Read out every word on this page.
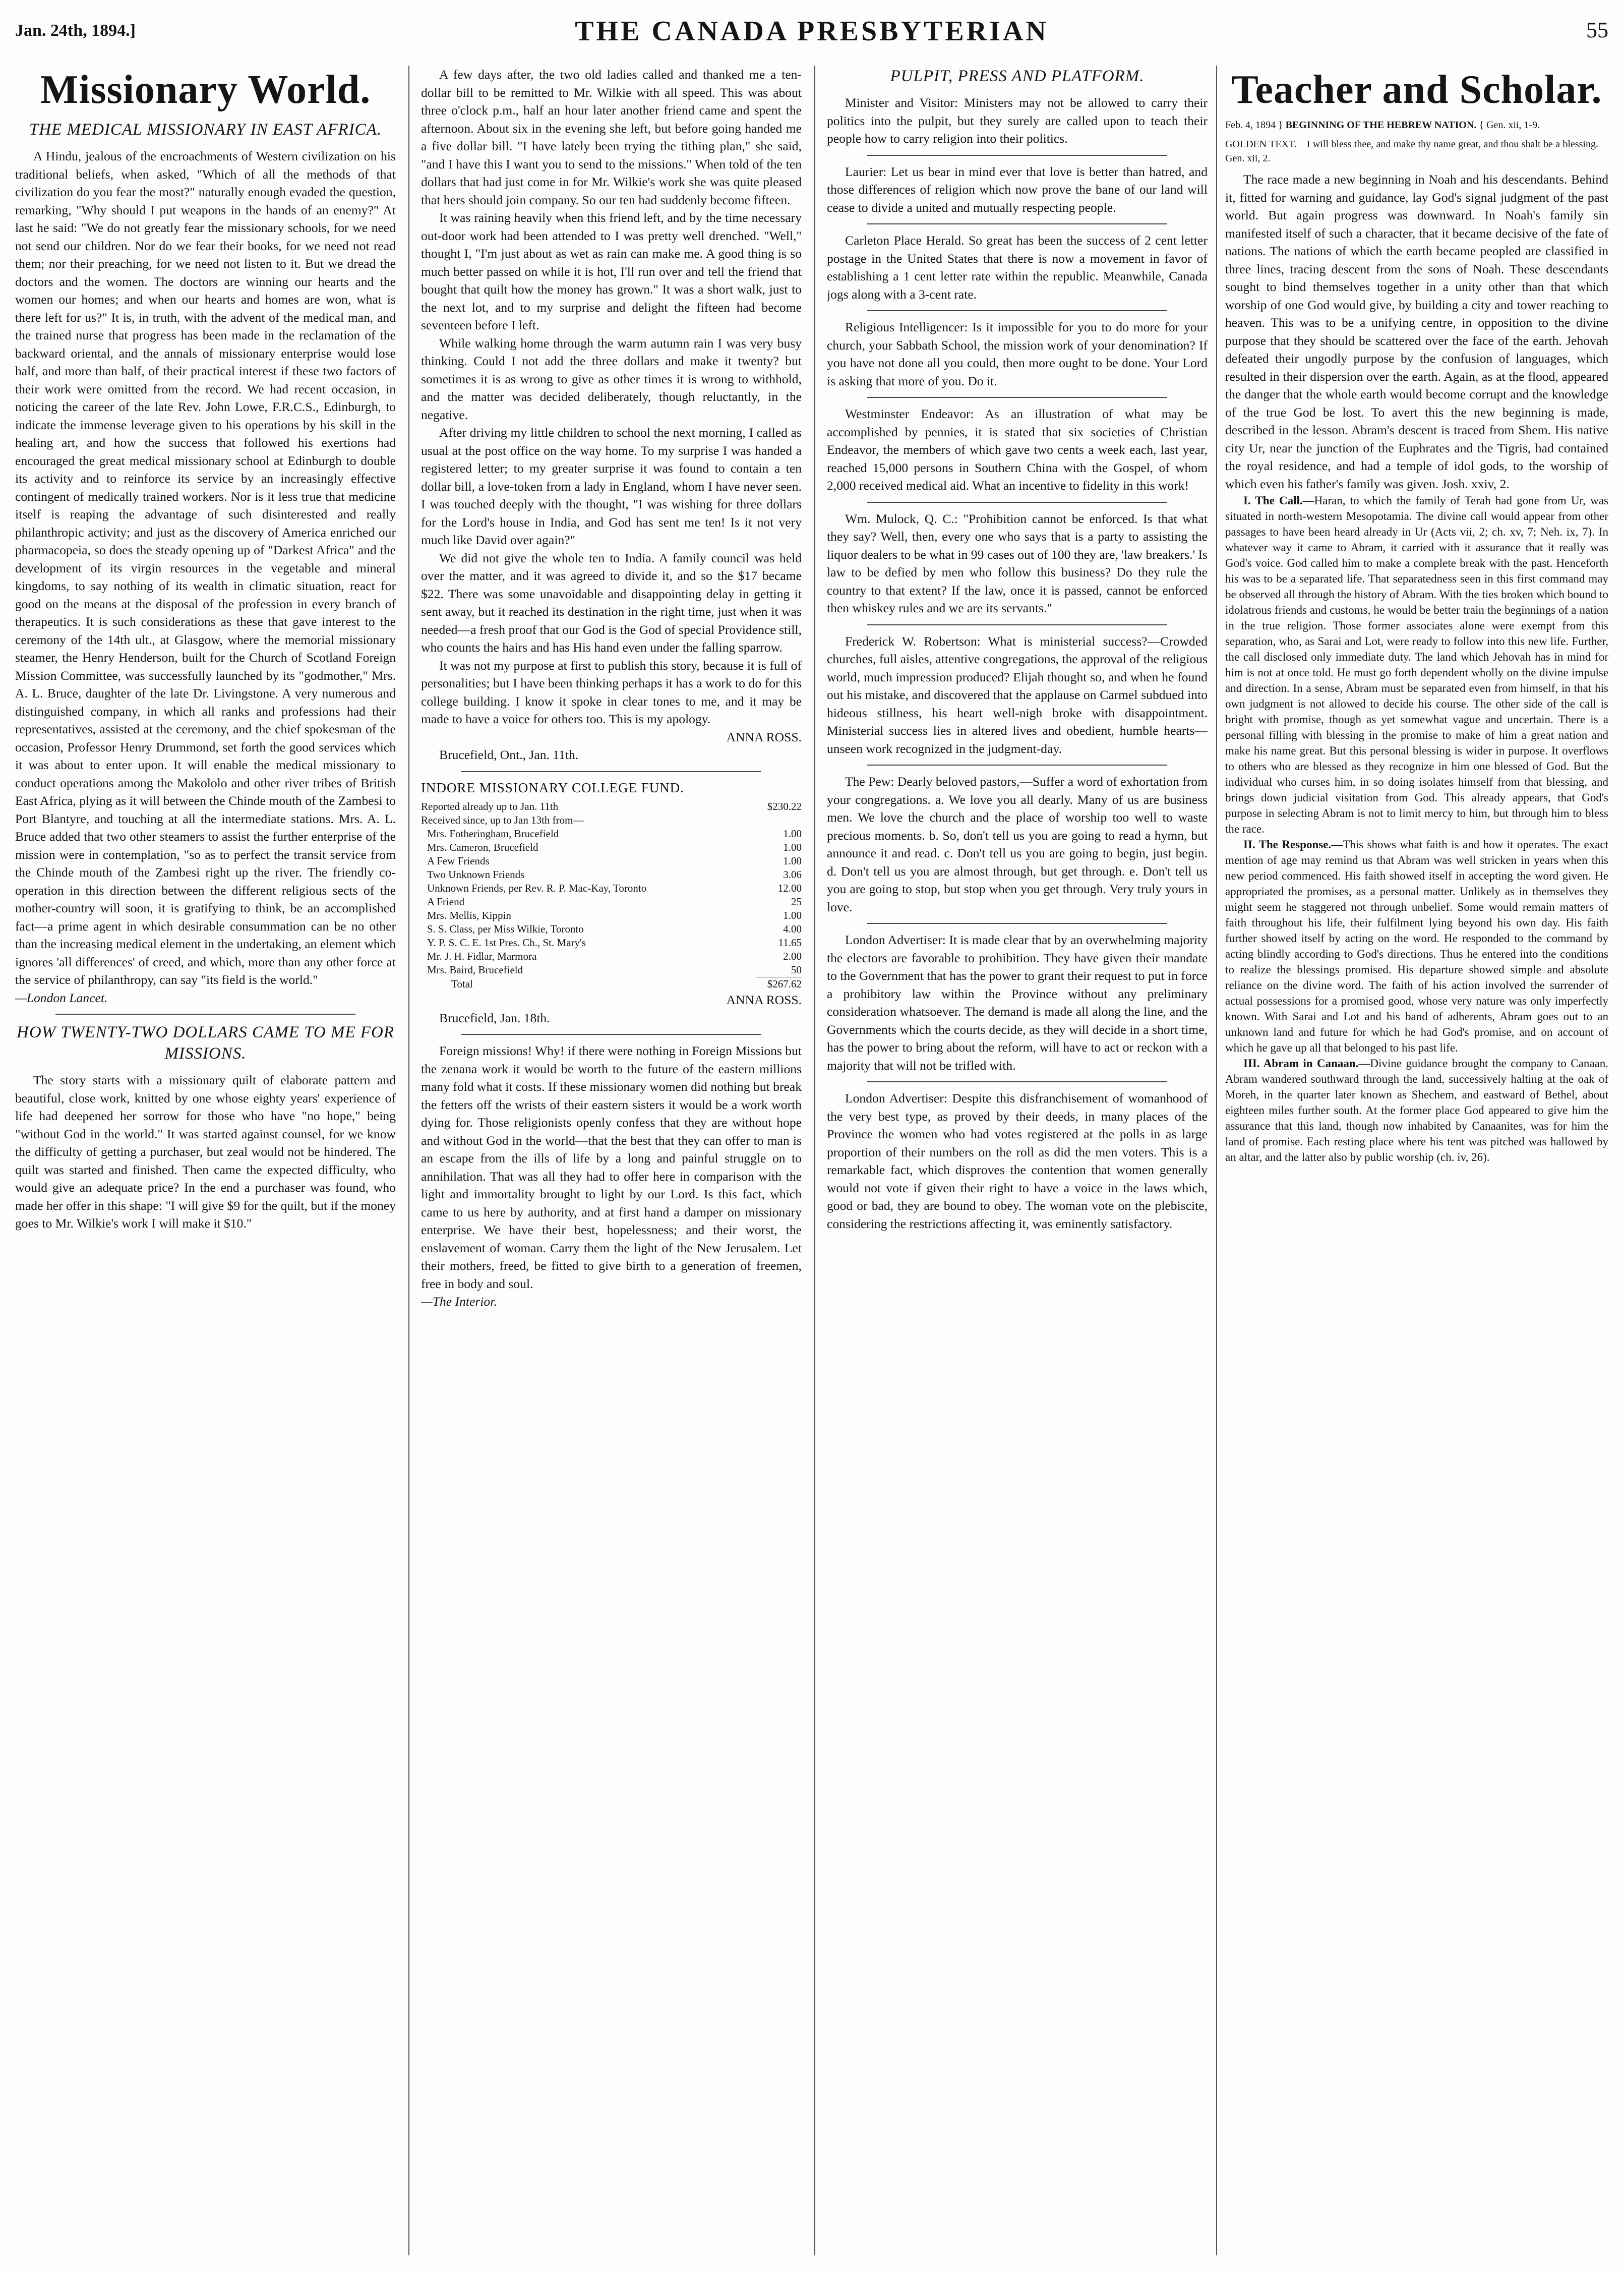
Jan. 24th, 1894.]	THE CANADA PRESBYTERIAN	55
Missionary World.
THE MEDICAL MISSIONARY IN EAST AFRICA.

A Hindu, jealous of the encroachments of Western civilization on his traditional beliefs, when asked, "Which of all the methods of that civilization do you fear the most?" naturally enough evaded the question, remarking, "Why should I put weapons in the hands of an enemy?" At last he said: "We do not greatly fear the missionary schools, for we need not send our children. Nor do we fear their books, for we need not read them; nor their preaching, for we need not listen to it. But we dread the doctors and the women. The doctors are winning our hearts and the women our homes; and when our hearts and homes are won, what is there left for us?" It is, in truth, with the advent of the medical man, and the trained nurse that progress has been made in the reclamation of the backward oriental, and the annals of missionary enterprise would lose half, and more than half, of their practical interest if these two factors of their work were omitted from the record. We had recent occasion, in noticing the career of the late Rev. John Lowe, F.R.C.S., Edinburgh, to indicate the immense leverage given to his operations by his skill in the healing art, and how the success that followed his exertions had encouraged the great medical missionary school at Edinburgh to double its activity and to reinforce its service by an increasingly effective contingent of medically trained workers. Nor is it less true that medicine itself is reaping the advantage of such disinterested and really philanthropic activity; and just as the discovery of America enriched our pharmacopeia, so does the steady opening up of "Darkest Africa" and the development of its virgin resources in the vegetable and mineral kingdoms, to say nothing of its wealth in climatic situation, react for good on the means at the disposal of the profession in every branch of therapeutics. It is such considerations as these that gave interest to the ceremony of the 14th ult., at Glasgow, where the memorial missionary steamer, the Henry Henderson, built for the Church of Scotland Foreign Mission Committee, was successfully launched by its "godmother," Mrs. A. L. Bruce, daughter of the late Dr. Livingstone. A very numerous and distinguished company, in which all ranks and professions had their representatives, assisted at the ceremony, and the chief spokesman of the occasion, Professor Henry Drummond, set forth the good services which it was about to enter upon. It will enable the medical missionary to conduct operations among the Makololo and other river tribes of British East Africa, plying as it will between the Chinde mouth of the Zambesi to Port Blantyre, and touching at all the intermediate stations. Mrs. A. L. Bruce added that two other steamers to assist the further enterprise of the mission were in contemplation, "so as to perfect the transit service from the Chinde mouth of the Zambesi right up the river. The friendly co-operation in this direction between the different religious sects of the mother-country will soon, it is gratifying to think, be an accomplished fact—a prime agent in which desirable consummation can be no other than the increasing medical element in the undertaking, an element which ignores 'all differences' of creed, and which, more than any other force at the service of philanthropy, can say "its field is the world."

—London Lancet.
HOW TWENTY-TWO DOLLARS CAME TO ME FOR MISSIONS.

The story starts with a missionary quilt of elaborate pattern and beautiful, close work, knitted by one whose eighty years' experience of life had deepened her sorrow for those who have "no hope," being "without God in the world." It was started against counsel, for we know the difficulty of getting a purchaser, but zeal would not be hindered. The quilt was started and finished. Then came the expected difficulty, who would give an adequate price? In the end a purchaser was found, who made her offer in this shape: "I will give $9 for the quilt, but if the money goes to Mr. Wilkie's work I will make it $10."

A few days after, the two old ladies called and thanked me a ten-dollar bill to be remitted to Mr. Wilkie with all speed. This was about three o'clock p.m., half an hour later another friend came and spent the afternoon. About six in the evening she left, but before going handed me a five dollar bill. "I have lately been trying the tithing plan," she said, "and I have this I want you to send to the missions." When told of the ten dollars that had just come in for Mr. Wilkie's work she was quite pleased that hers should join company. So our ten had suddenly become fifteen.

It was raining heavily when this friend left, and by the time necessary out-door work had been attended to I was pretty well drenched. "Well," thought I, "I'm just about as wet as rain can make me. A good thing is so much better passed on while it is hot, I'll run over and tell the friend that bought that quilt how the money has grown." It was a short walk, just to the next lot, and to my surprise and delight the fifteen had become seventeen before I left.

While walking home through the warm autumn rain I was very busy thinking. Could I not add the three dollars and make it twenty? but sometimes it is as wrong to give as other times it is wrong to withhold, and the matter was decided deliberately, though reluctantly, in the negative.

After driving my little children to school the next morning, I called as usual at the post office on the way home. To my surprise I was handed a registered letter; to my greater surprise it was found to contain a ten dollar bill, a love-token from a lady in England, whom I have never seen. I was touched deeply with the thought, "I was wishing for three dollars for the Lord's house in India, and God has sent me ten! Is it not very much like David over again?"

We did not give the whole ten to India. A family council was held over the matter, and it was agreed to divide it, and so the $17 became $22. There was some unavoidable and disappointing delay in getting it sent away, but it reached its destination in the right time, just when it was needed—a fresh proof that our God is the God of special Providence still, who counts the hairs and has His hand even under the falling sparrow.

It was not my purpose at first to publish this story, because it is full of personalities; but I have been thinking perhaps it has a work to do for this college building. I know it spoke in clear tones to me, and it may be made to have a voice for others too. This is my apology.

ANNA ROSS.

Brucefield, Ont., Jan. 11th.

INDORE MISSIONARY COLLEGE FUND.
Reported already up to Jan. 11th	$230.22
Received since, up to Jan 13th from—	
Mrs. Fotheringham, Brucefield	1.00
Mrs. Cameron, Brucefield	1.00
A Few Friends	1.00
Two Unknown Friends	3.06
Unknown Friends, per Rev. R. P. Mac-Kay, Toronto	12.00
A Friend	25
Mrs. Mellis, Kippin	1.00
S. S. Class, per Miss Wilkie, Toronto	4.00
Y. P. S. C. E. 1st Pres. Ch., St. Mary's	11.65
Mr. J. H. Fidlar, Marmora	2.00
Mrs. Baird, Brucefield	50
Total	$267.62
ANNA ROSS.

Brucefield, Jan. 18th.

Foreign missions! Why! if there were nothing in Foreign Missions but the zenana work it would be worth to the future of the eastern millions many fold what it costs. If these missionary women did nothing but break the fetters off the wrists of their eastern sisters it would be a work worth dying for. Those religionists openly confess that they are without hope and without God in the world—that the best that they can offer to man is an escape from the ills of life by a long and painful struggle on to annihilation. That was all they had to offer here in comparison with the light and immortality brought to light by our Lord. Is this fact, which came to us here by authority, and at first hand a damper on missionary enterprise. We have their best, hopelessness; and their worst, the enslavement of woman. Carry them the light of the New Jerusalem. Let their mothers, freed, be fitted to give birth to a generation of freemen, free in body and soul.

—The Interior.
PULPIT, PRESS AND PLATFORM.

Minister and Visitor: Ministers may not be allowed to carry their politics into the pulpit, but they surely are called upon to teach their people how to carry religion into their politics.

Laurier: Let us bear in mind ever that love is better than hatred, and those differences of religion which now prove the bane of our land will cease to divide a united and mutually respecting people.

Carleton Place Herald. So great has been the success of 2 cent letter postage in the United States that there is now a movement in favor of establishing a 1 cent letter rate within the republic. Meanwhile, Canada jogs along with a 3-cent rate.

Religious Intelligencer: Is it impossible for you to do more for your church, your Sabbath School, the mission work of your denomination? If you have not done all you could, then more ought to be done. Your Lord is asking that more of you. Do it.

Westminster Endeavor: As an illustration of what may be accomplished by pennies, it is stated that six societies of Christian Endeavor, the members of which gave two cents a week each, last year, reached 15,000 persons in Southern China with the Gospel, of whom 2,000 received medical aid. What an incentive to fidelity in this work!

Wm. Mulock, Q. C.: "Prohibition cannot be enforced. Is that what they say? Well, then, every one who says that is a party to assisting the liquor dealers to be what in 99 cases out of 100 they are, 'law breakers.' Is law to be defied by men who follow this business? Do they rule the country to that extent? If the law, once it is passed, cannot be enforced then whiskey rules and we are its servants."

Frederick W. Robertson: What is ministerial success?—Crowded churches, full aisles, attentive congregations, the approval of the religious world, much impression produced? Elijah thought so, and when he found out his mistake, and discovered that the applause on Carmel subdued into hideous stillness, his heart well-nigh broke with disappointment. Ministerial success lies in altered lives and obedient, humble hearts—unseen work recognized in the judgment-day.

The Pew: Dearly beloved pastors,—Suffer a word of exhortation from your congregations. a. We love you all dearly. Many of us are business men. We love the church and the place of worship too well to waste precious moments. b. So, don't tell us you are going to read a hymn, but announce it and read. c. Don't tell us you are going to begin, just begin. d. Don't tell us you are almost through, but get through. e. Don't tell us you are going to stop, but stop when you get through. Very truly yours in love.

London Advertiser: It is made clear that by an overwhelming majority the electors are favorable to prohibition. They have given their mandate to the Government that has the power to grant their request to put in force a prohibitory law within the Province without any preliminary consideration whatsoever. The demand is made all along the line, and the Governments which the courts decide, as they will decide in a short time, has the power to bring about the reform, will have to act or reckon with a majority that will not be trifled with.

London Advertiser: Despite this disfranchisement of womanhood of the very best type, as proved by their deeds, in many places of the Province the women who had votes registered at the polls in as large proportion of their numbers on the roll as did the men voters. This is a remarkable fact, which disproves the contention that women generally would not vote if given their right to have a voice in the laws which, good or bad, they are bound to obey. The woman vote on the plebiscite, considering the restrictions affecting it, was eminently satisfactory.

Teacher and Scholar.
Feb. 4, 1894 } BEGINNING OF THE HEBREW NATION. { Gen. xii, 1-9.
GOLDEN TEXT.—I will bless thee, and make thy name great, and thou shalt be a blessing.—Gen. xii, 2.

The race made a new beginning in Noah and his descendants. Behind it, fitted for warning and guidance, lay God's signal judgment of the past world. But again progress was downward. In Noah's family sin manifested itself of such a character, that it became decisive of the fate of nations. The nations of which the earth became peopled are classified in three lines, tracing descent from the sons of Noah. These descendants sought to bind themselves together in a unity other than that which worship of one God would give, by building a city and tower reaching to heaven. This was to be a unifying centre, in opposition to the divine purpose that they should be scattered over the face of the earth. Jehovah defeated their ungodly purpose by the confusion of languages, which resulted in their dispersion over the earth. Again, as at the flood, appeared the danger that the whole earth would become corrupt and the knowledge of the true God be lost. To avert this the new beginning is made, described in the lesson. Abram's descent is traced from Shem. His native city Ur, near the junction of the Euphrates and the Tigris, had contained the royal residence, and had a temple of idol gods, to the worship of which even his father's family was given. Josh. xxiv, 2.

I. The Call.—Haran, to which the family of Terah had gone from Ur, was situated in north-western Mesopotamia. The divine call would appear from other passages to have been heard already in Ur (Acts vii, 2; ch. xv, 7; Neh. ix, 7). In whatever way it came to Abram, it carried with it assurance that it really was God's voice. God called him to make a complete break with the past. Henceforth his was to be a separated life. That separatedness seen in this first command may be observed all through the history of Abram. With the ties broken which bound to idolatrous friends and customs, he would be better train the beginnings of a nation in the true religion. Those former associates alone were exempt from this separation, who, as Sarai and Lot, were ready to follow into this new life. Further, the call disclosed only immediate duty. The land which Jehovah has in mind for him is not at once told. He must go forth dependent wholly on the divine impulse and direction. In a sense, Abram must be separated even from himself, in that his own judgment is not allowed to decide his course. The other side of the call is bright with promise, though as yet somewhat vague and uncertain. There is a personal filling with blessing in the promise to make of him a great nation and make his name great. But this personal blessing is wider in purpose. It overflows to others who are blessed as they recognize in him one blessed of God. But the individual who curses him, in so doing isolates himself from that blessing, and brings down judicial visitation from God. This already appears, that God's purpose in selecting Abram is not to limit mercy to him, but through him to bless the race.

II. The Response.—This shows what faith is and how it operates. The exact mention of age may remind us that Abram was well stricken in years when this new period commenced. His faith showed itself in accepting the word given. He appropriated the promises, as a personal matter. Unlikely as in themselves they might seem he staggered not through unbelief. Some would remain matters of faith throughout his life, their fulfilment lying beyond his own day. His faith further showed itself by acting on the word. He responded to the command by acting blindly according to God's directions. Thus he entered into the conditions to realize the blessings promised. His departure showed simple and absolute reliance on the divine word. The faith of his action involved the surrender of actual possessions for a promised good, whose very nature was only imperfectly known. With Sarai and Lot and his band of adherents, Abram goes out to an unknown land and future for which he had God's promise, and on account of which he gave up all that belonged to his past life.

III. Abram in Canaan.—Divine guidance brought the company to Canaan. Abram wandered southward through the land, successively halting at the oak of Moreh, in the quarter later known as Shechem, and eastward of Bethel, about eighteen miles further south. At the former place God appeared to give him the assurance that this land, though now inhabited by Canaanites, was for him the land of promise. Each resting place where his tent was pitched was hallowed by an altar, and the latter also by public worship (ch. iv, 26).
